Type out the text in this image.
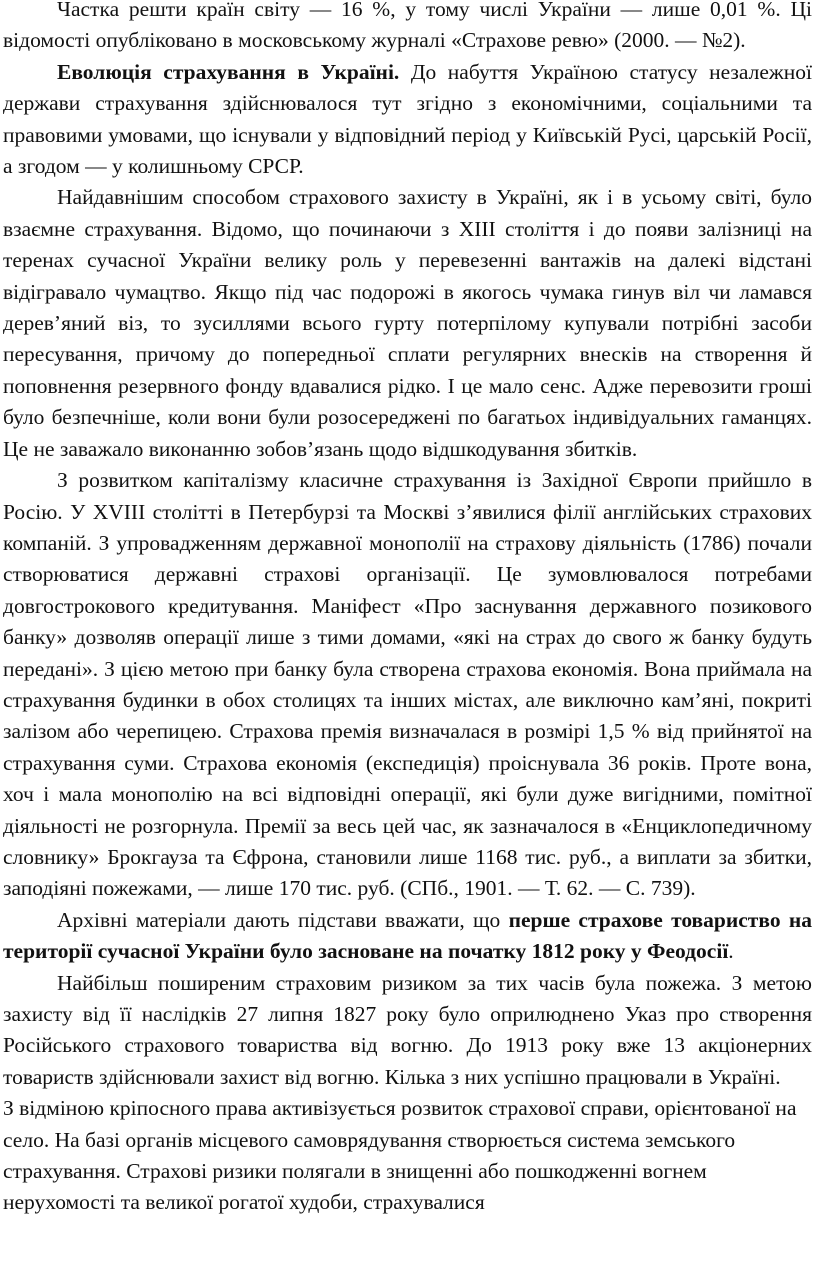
Частка решти країн світу — 16 %, у тому числі України — лише 0,01 %. Ці відомості опубліковано в московському журналі «Страхове ревю» (2000. — №2).

Еволюція страхування в Україні. До набуття Україною статусу незалежної держави страхування здійснювалося тут згідно з економічними, соціальними та правовими умовами, що існували у відповідний період у Київській Русі, царській Росії, а згодом — у колишньому СРСР.

Найдавнішим способом страхового захисту в Україні, як і в усьому світі, було взаємне страхування. Відомо, що починаючи з XIII століття і до появи залізниці на теренах сучасної України велику роль у перевезенні вантажів на далекі відстані відігравало чумацтво. Якщо під час подорожі в якогось чумака гинув віл чи ламався дерев’яний віз, то зусиллями всього гурту потерпілому купували потрібні засоби пересування, причому до попередньої сплати регулярних внесків на створення й поповнення резервного фонду вдавалися рідко. І це мало сенс. Адже перевозити гроші було безпечніше, коли вони були розосереджені по багатьох індивідуальних гаманцях. Це не заважало виконанню зобов’язань щодо відшкодування збитків.

З розвитком капіталізму класичне страхування із Західної Європи прийшло в Росію. У XVIII столітті в Петербурзі та Москві з’явилися філії англійських страхових компаній. З упровадженням державної монополії на страхову діяльність (1786) почали створюватися державні страхові організації. Це зумовлювалося потребами довгострокового кредитування. Маніфест «Про заснування державного позикового банку» дозволяв операції лише з тими домами, «які на страх до свого ж банку будуть передані». З цією метою при банку була створена страхова економія. Вона приймала на страхування будинки в обох столицях та інших містах, але виключно кам’яні, покриті залізом або черепицею. Страхова премія визначалася в розмірі 1,5 % від прийнятої на страхування суми. Страхова економія (експедиція) проіснувала 36 років. Проте вона, хоч і мала монополію на всі відповідні операції, які були дуже вигідними, помітної діяльності не розгорнула. Премії за весь цей час, як зазначалося в «Енциклопедичному словнику» Брокгауза та Єфрона, становили лише 1168 тис. руб., а виплати за збитки, заподіяні пожежами, — лише 170 тис. руб. (СПб., 1901. — Т. 62. — С. 739).

Архівні матеріали дають підстави вважати, що перше страхове товариство на території сучасної України було засноване на початку 1812 року у Феодосії.

Найбільш поширеним страховим ризиком за тих часів була пожежа. З метою захисту від її наслідків 27 липня 1827 року було оприлюднено Указ про створення Російського страхового товариства від вогню. До 1913 року вже 13 акціонерних товариств здійснювали захист від вогню. Кілька з них успішно працювали в Україні.

З відміною кріпосного права активізується розвиток страхової справи, орієнтованої на село. На базі органів місцевого самоврядування створюється система земського страхування. Страхові ризики полягали в знищенні або пошкодженні вогнем нерухомості та великої рогатої худоби, страхувалися
